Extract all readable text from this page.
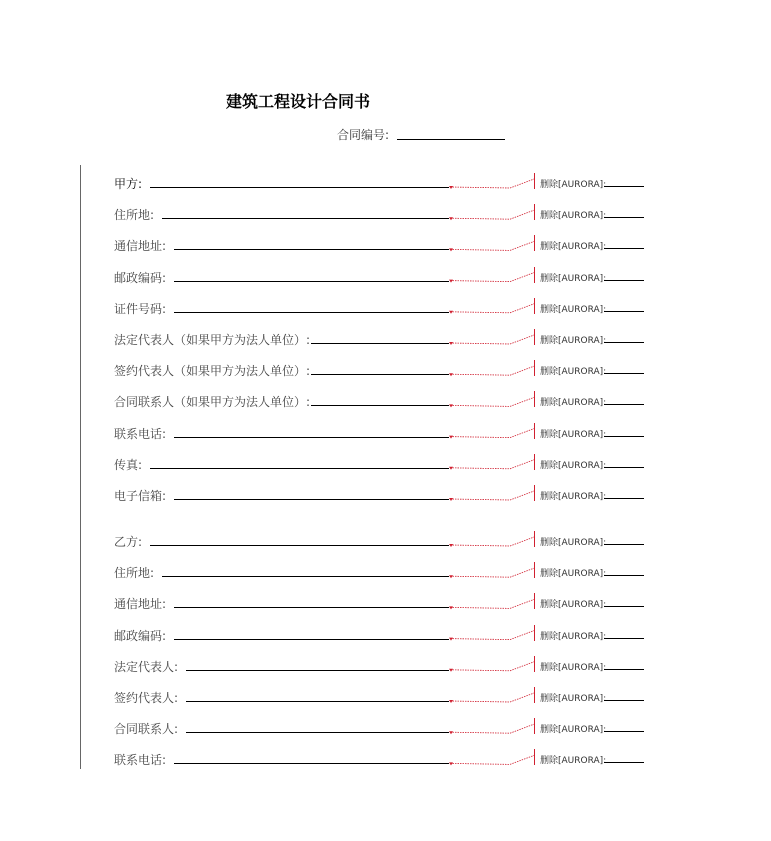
建筑工程设计合同书
合同编号:
甲方:	删除[AURORA]:
住所地:	删除[AURORA]:
通信地址:	删除[AURORA]:
邮政编码:	删除[AURORA]:
证件号码:	删除[AURORA]:
法定代表人（如果甲方为法人单位）:	删除[AURORA]:
签约代表人（如果甲方为法人单位）:	删除[AURORA]:
合同联系人（如果甲方为法人单位）:	删除[AURORA]:
联系电话:	删除[AURORA]:
传真:	删除[AURORA]:
电子信箱:	删除[AURORA]:
乙方:	删除[AURORA]:
住所地:	删除[AURORA]:
通信地址:	删除[AURORA]:
邮政编码:	删除[AURORA]:
法定代表人:	删除[AURORA]:
签约代表人:	删除[AURORA]:
合同联系人:	删除[AURORA]:
联系电话:	删除[AURORA]:
